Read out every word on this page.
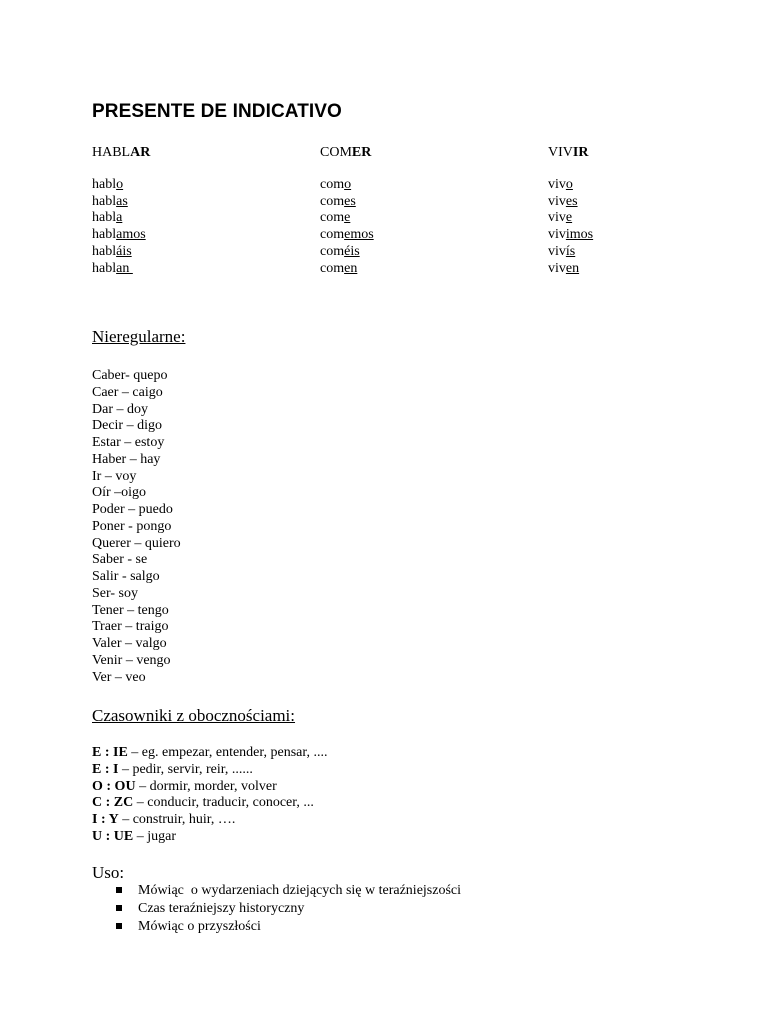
PRESENTE DE INDICATIVO
HABLAR
hablo
hablas
habla
hablamos
habláis
hablan
COMER
como
comes
come
comemos
coméis
comen
VIVIR
vivo
vives
vive
vivimos
vivís
viven
Nieregularne:
Caber- quepo
Caer – caigo
Dar – doy
Decir – digo
Estar – estoy
Haber – hay
Ir – voy
Oír –oigo
Poder – puedo
Poner - pongo
Querer – quiero
Saber - se
Salir - salgo
Ser- soy
Tener – tengo
Traer – traigo
Valer – valgo
Venir – vengo
Ver – veo
Czasowniki z obocznościami:
E : IE – eg. empezar, entender, pensar, ....
E : I – pedir, servir, reir, ......
O : OU – dormir, morder, volver
C : ZC – conducir, traducir, conocer, ...
I : Y – construir, huir, ….
U : UE – jugar
Uso:
Mówiąc  o wydarzeniach dziejących się w teraźniejszości
Czas teraźniejszy historyczny
Mówiąc o przyszłości
